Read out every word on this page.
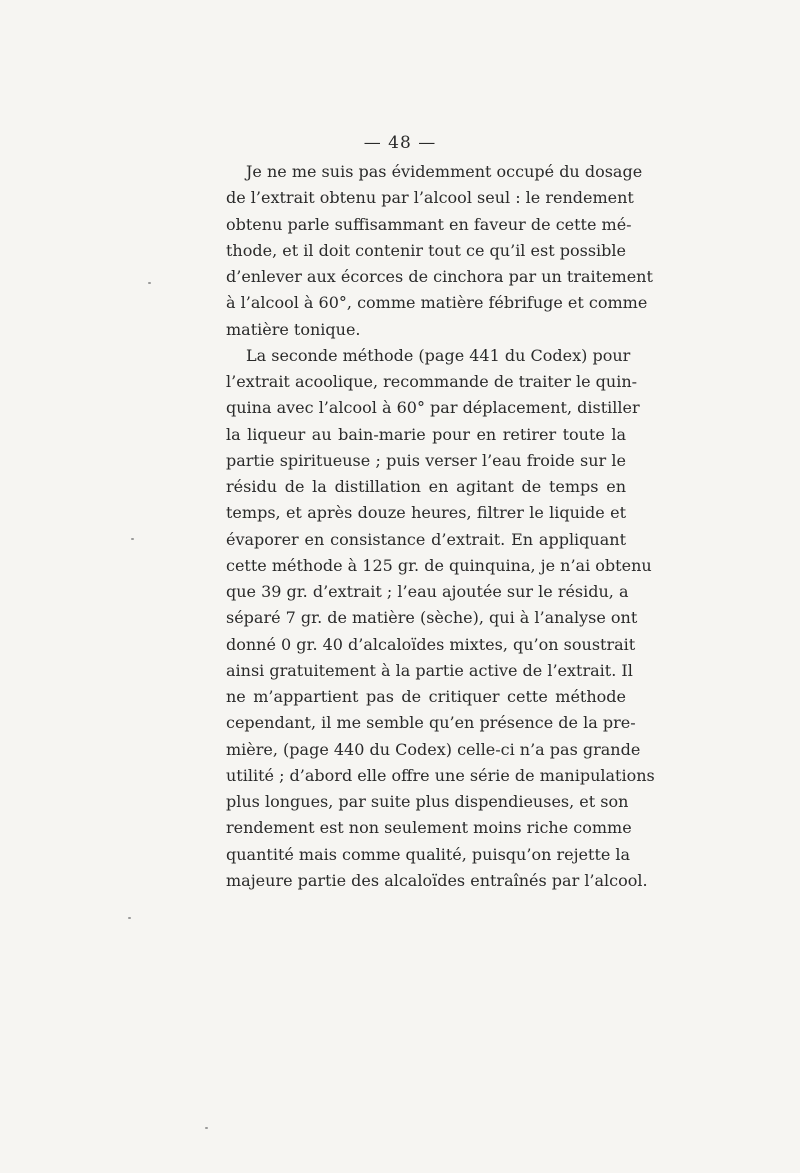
— 48 —
Je ne me suis pas évidemment occupé du dosage
de l’extrait obtenu par l’alcool seul : le rendement
obtenu parle suffisammant en faveur de cette mé-
thode, et il doit contenir tout ce qu’il est possible
d’enlever aux écorces de cinchora par un traitement
à l’alcool à 60°, comme matière fébrifuge et comme
matière tonique.
La seconde méthode (page 441 du Codex) pour
l’extrait acoolique, recommande de traiter le quin-
quina avec l’alcool à 60° par déplacement, distiller
la liqueur au bain-marie pour en retirer toute la
partie spiritueuse ; puis verser l’eau froide sur le
résidu de la distillation en agitant de temps en
temps, et après douze heures, filtrer le liquide et
évaporer en consistance d’extrait. En appliquant
cette méthode à 125 gr. de quinquina, je n’ai obtenu
que 39 gr. d’extrait ; l’eau ajoutée sur le résidu, a
séparé 7 gr. de matière (sèche), qui à l’analyse ont
donné 0 gr. 40 d’alcaloïdes mixtes, qu’on soustrait
ainsi gratuitement à la partie active de l’extrait. Il
ne m’appartient pas de critiquer cette méthode
cependant, il me semble qu’en présence de la pre-
mière, (page 440 du Codex) celle-ci n’a pas grande
utilité ; d’abord elle offre une série de manipulations
plus longues, par suite plus dispendieuses, et son
rendement est non seulement moins riche comme
quantité mais comme qualité, puisqu’on rejette la
majeure partie des alcaloïdes entraînés par l’alcool.
